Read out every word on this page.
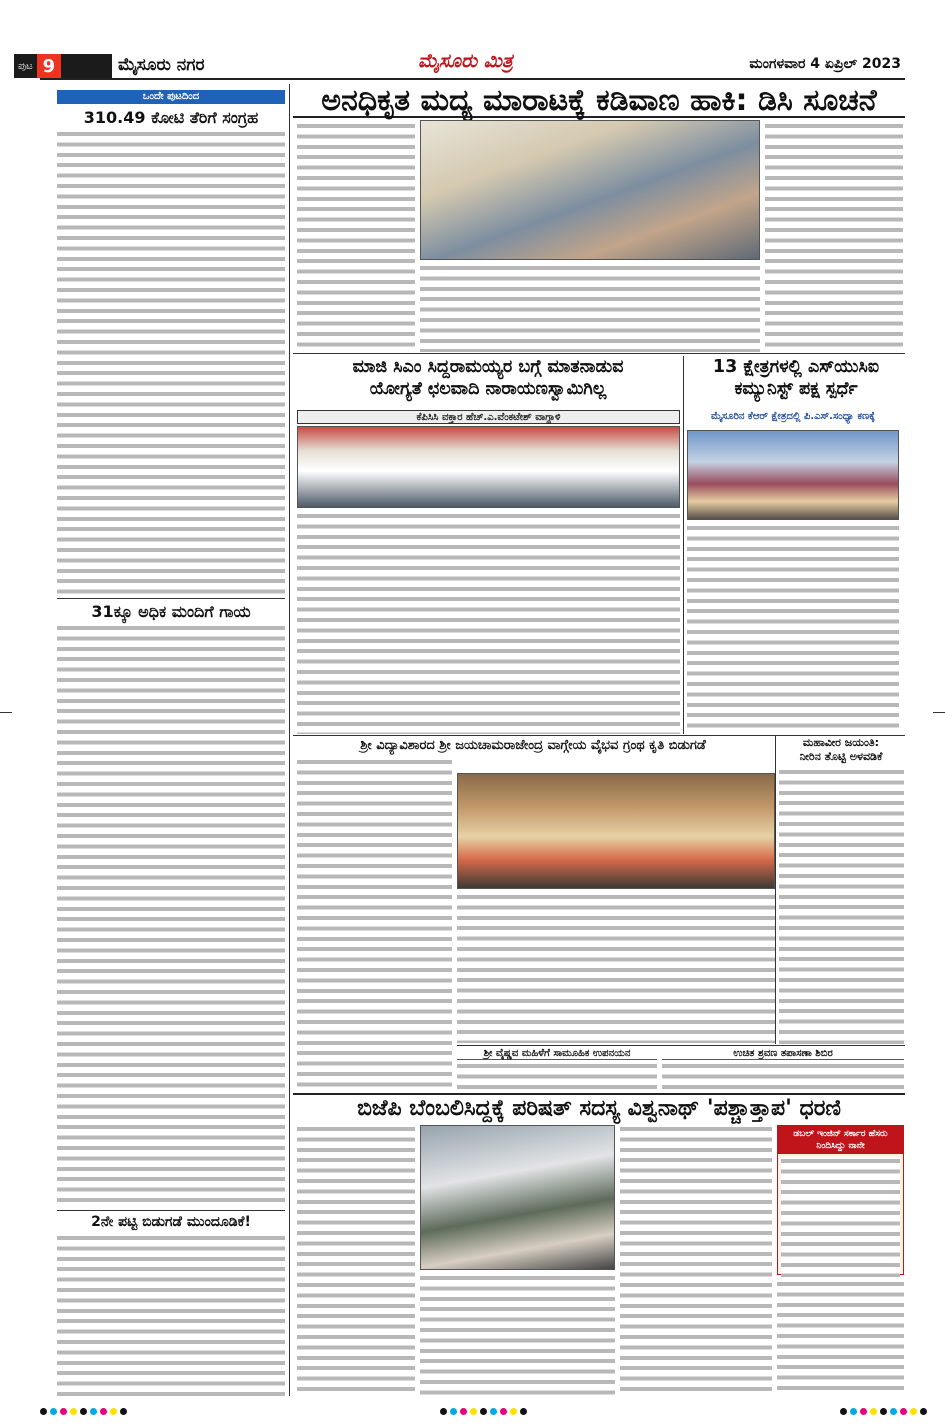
ಪುಟ 9	ಮೈಸೂರು ನಗರ	ಮೈಸೂರು ಮಿತ್ರ	ಮಂಗಳವಾರ 4 ಏಪ್ರಿಲ್ 2023
ಒಂದೇ ಪುಟದಿಂದ
310.49 ಕೋಟಿ ತೆರಿಗೆ ಸಂಗ್ರಹ
31ಕ್ಕೂ ಅಧಿಕ ಮಂದಿಗೆ ಗಾಯ
2ನೇ ಪಟ್ಟಿ ಬಿಡುಗಡೆ ಮುಂದೂಡಿಕೆ!
ಅನಧಿಕೃತ ಮದ್ಯ ಮಾರಾಟಕ್ಕೆ ಕಡಿವಾಣ ಹಾಕಿ: ಡಿಸಿ ಸೂಚನೆ
ಮಾಜಿ ಸಿಎಂ ಸಿದ್ದರಾಮಯ್ಯರ ಬಗ್ಗೆ ಮಾತನಾಡುವ
ಯೋಗ್ಯತೆ ಛಲವಾದಿ ನಾರಾಯಣಸ್ವಾಮಿಗಿಲ್ಲ
ಕೆಪಿಸಿಸಿ ವಕ್ತಾರ ಹೆಚ್.ಎ.ವೆಂಕಟೇಶ್ ವಾಗ್ದಾಳಿ
13 ಕ್ಷೇತ್ರಗಳಲ್ಲಿ ಎಸ್‌ಯುಸಿಐ
ಕಮ್ಯುನಿಸ್ಟ್ ಪಕ್ಷ ಸ್ಪರ್ಧೆ
ಮೈಸೂರಿನ ಕೆಆರ್ ಕ್ಷೇತ್ರದಲ್ಲಿ ಪಿ.ಎಸ್.ಸಂಧ್ಯಾ ಕಣಕ್ಕೆ
ಶ್ರೀ ವಿದ್ಯಾವಿಶಾರದ ಶ್ರೀ ಜಯಚಾಮರಾಜೇಂದ್ರ ವಾಗ್ಗೇಯ ವೈಭವ ಗ್ರಂಥ ಕೃತಿ ಬಿಡುಗಡೆ	ಮಹಾವೀರ ಜಯಂತಿ:
ನೀರಿನ ತೊಟ್ಟಿ ಅಳವಡಿಕೆ
ಶ್ರೀ ವೈಷ್ಣವ ಮಹಿಳೆಗೆ ಸಾಮೂಹಿಕ ಉಪನಯನ	ಉಚಿತ ಶ್ರವಣ ತಪಾಸಣಾ ಶಿಬಿರ
ಬಿಜೆಪಿ ಬೆಂಬಲಿಸಿದ್ದಕ್ಕೆ ಪರಿಷತ್ ಸದಸ್ಯ ವಿಶ್ವನಾಥ್ 'ಪಶ್ಚಾತ್ತಾಪ' ಧರಣಿ
ಡಬಲ್ ಇಂಜಿನ್ ಸರ್ಕಾರ ಹೆಸರು ನಿಂದಿಸಿದ್ದು ನಾನೇ
